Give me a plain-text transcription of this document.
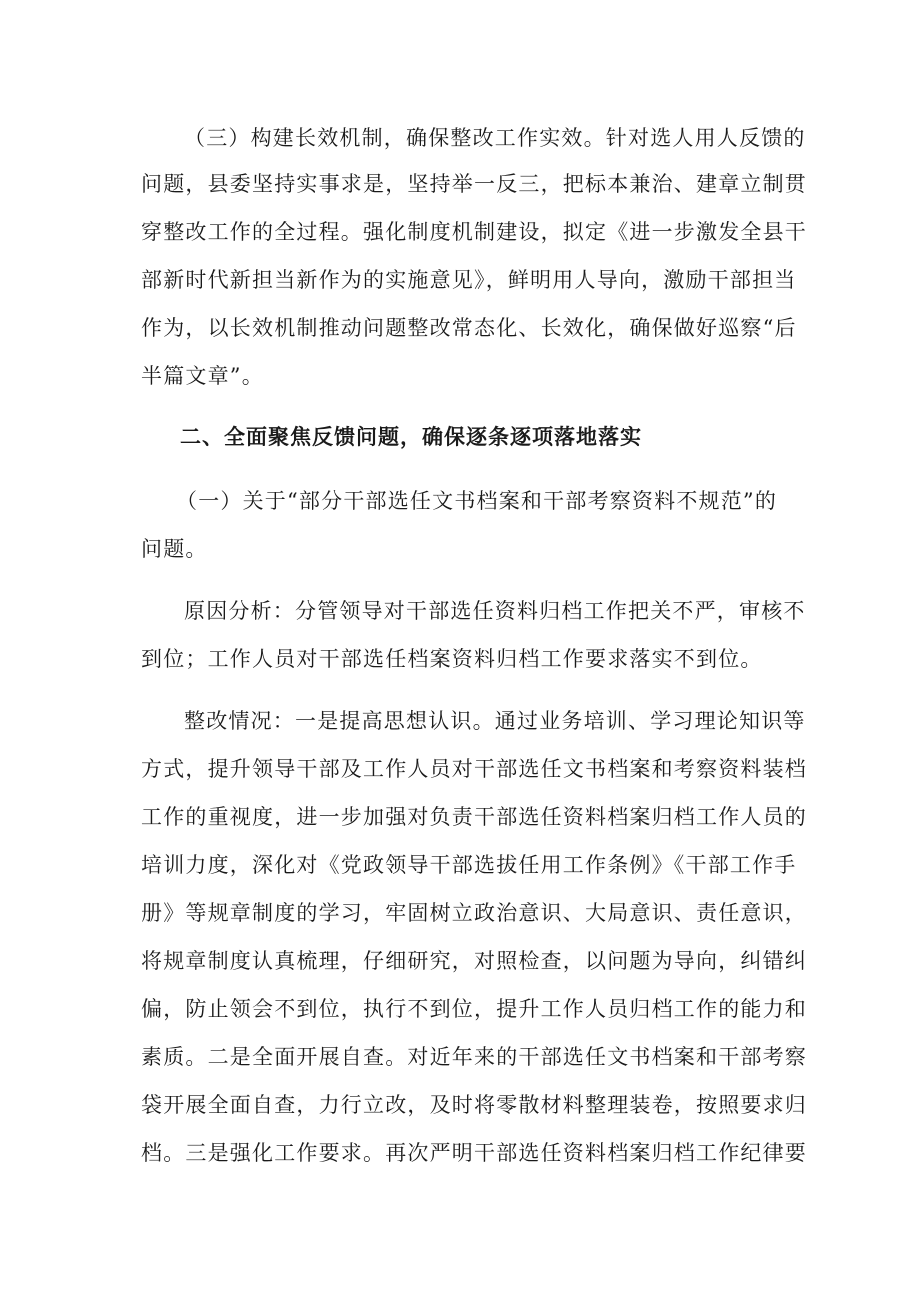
（三）构建长效机制，确保整改工作实效。针对选人用人反馈的
问题，县委坚持实事求是，坚持举一反三，把标本兼治、建章立制贯
穿整改工作的全过程。强化制度机制建设，拟定《进一步激发全县干
部新时代新担当新作为的实施意见》，鲜明用人导向，激励干部担当
作为，以长效机制推动问题整改常态化、长效化，确保做好巡察“后
半篇文章”。
二、全面聚焦反馈问题，确保逐条逐项落地落实
（一）关于“部分干部选任文书档案和干部考察资料不规范”的
问题。
原因分析：分管领导对干部选任资料归档工作把关不严，审核不
到位；工作人员对干部选任档案资料归档工作要求落实不到位。
整改情况：一是提高思想认识。通过业务培训、学习理论知识等
方式，提升领导干部及工作人员对干部选任文书档案和考察资料装档
工作的重视度，进一步加强对负责干部选任资料档案归档工作人员的
培训力度，深化对《党政领导干部选拔任用工作条例》《干部工作手
册》等规章制度的学习，牢固树立政治意识、大局意识、责任意识，
将规章制度认真梳理，仔细研究，对照检查，以问题为导向，纠错纠
偏，防止领会不到位，执行不到位，提升工作人员归档工作的能力和
素质。二是全面开展自查。对近年来的干部选任文书档案和干部考察
袋开展全面自查，力行立改，及时将零散材料整理装卷，按照要求归
档。三是强化工作要求。再次严明干部选任资料档案归档工作纪律要
